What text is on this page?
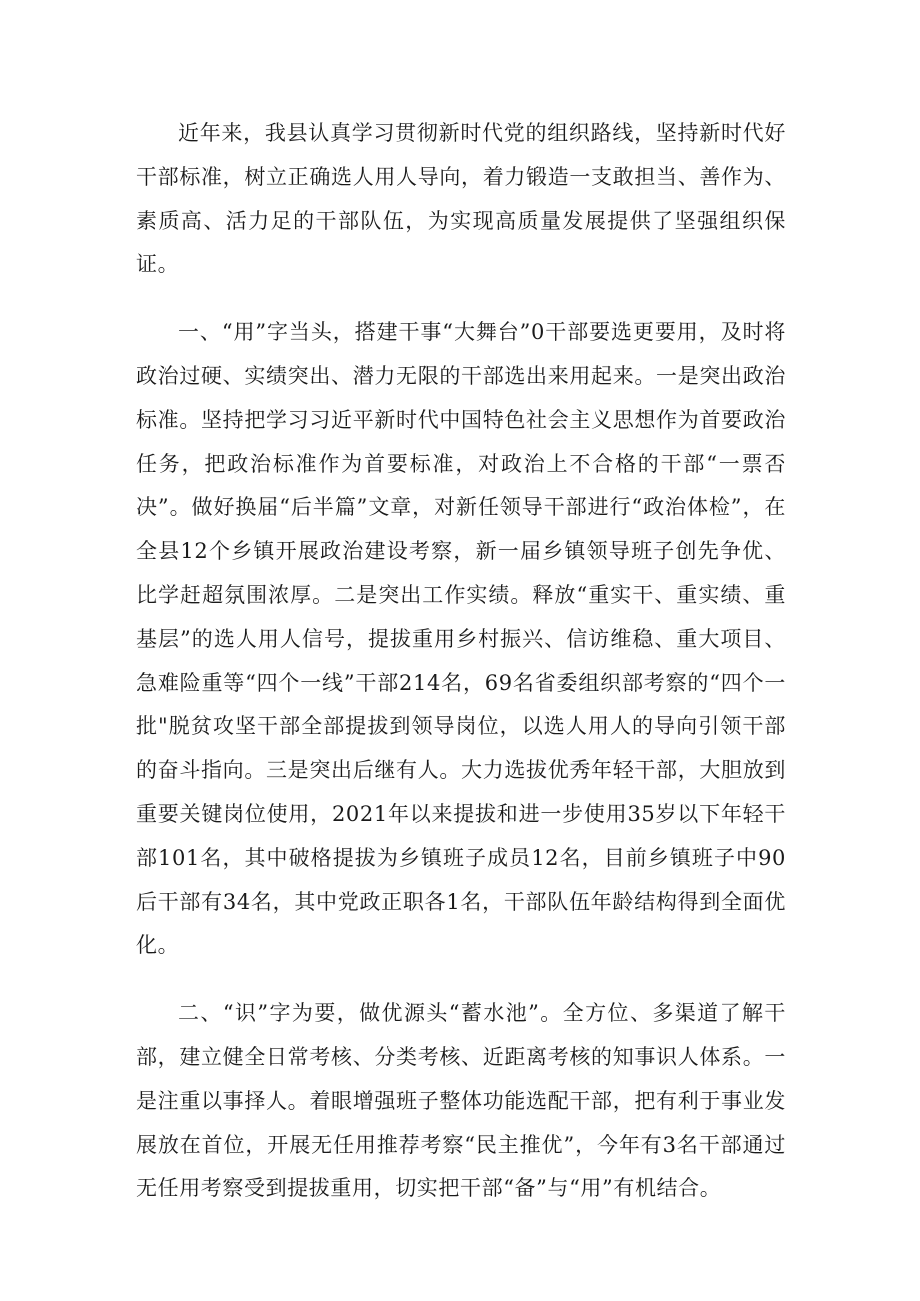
近年来，我县认真学习贯彻新时代党的组织路线，坚持新时代好干部标准，树立正确选人用人导向，着力锻造一支敢担当、善作为、素质高、活力足的干部队伍，为实现高质量发展提供了坚强组织保证。

一、“用”字当头，搭建干事“大舞台”0干部要选更要用，及时将政治过硬、实绩突出、潜力无限的干部选出来用起来。一是突出政治标准。坚持把学习习近平新时代中国特色社会主义思想作为首要政治任务，把政治标准作为首要标准，对政治上不合格的干部“一票否决”。做好换届“后半篇”文章，对新任领导干部进行“政治体检”，在全县12个乡镇开展政治建设考察，新一届乡镇领导班子创先争优、比学赶超氛围浓厚。二是突出工作实绩。释放“重实干、重实绩、重基层”的选人用人信号，提拔重用乡村振兴、信访维稳、重大项目、急难险重等“四个一线”干部214名，69名省委组织部考察的“四个一批"脱贫攻坚干部全部提拔到领导岗位，以选人用人的导向引领干部的奋斗指向。三是突出后继有人。大力选拔优秀年轻干部，大胆放到重要关键岗位使用，2021年以来提拔和进一步使用35岁以下年轻干部101名，其中破格提拔为乡镇班子成员12名，目前乡镇班子中90后干部有34名，其中党政正职各1名，干部队伍年龄结构得到全面优化。

二、“识”字为要，做优源头“蓄水池”。全方位、多渠道了解干部，建立健全日常考核、分类考核、近距离考核的知事识人体系。一是注重以事择人。着眼增强班子整体功能选配干部，把有利于事业发展放在首位，开展无任用推荐考察“民主推优”，今年有3名干部通过无任用考察受到提拔重用，切实把干部“备”与“用”有机结合。
